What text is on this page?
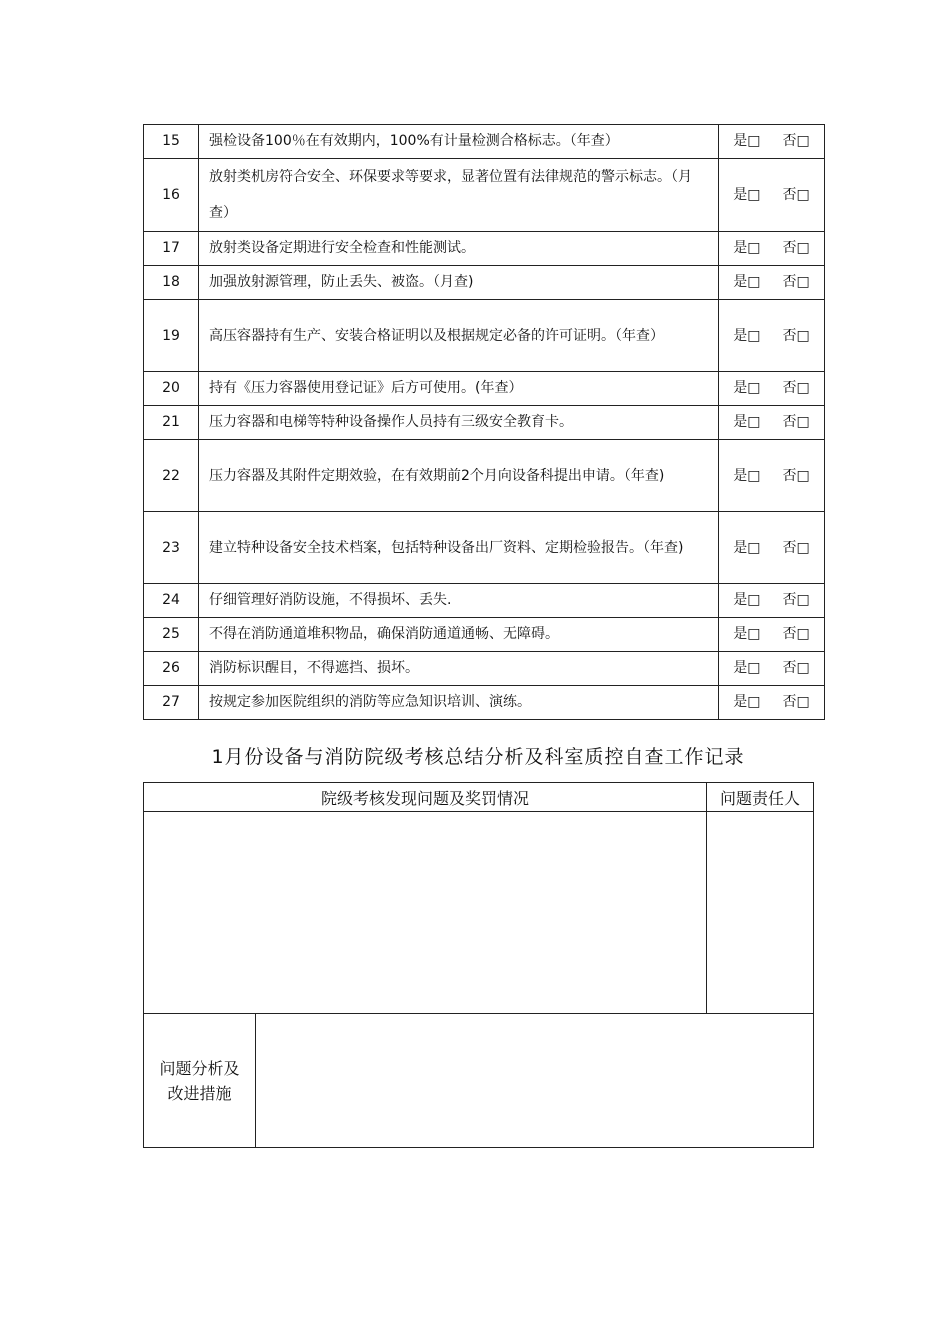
15	强检设备100％在有效期内，100%有计量检测合格标志。（年查）	是□ 否□
16	放射类机房符合安全、环保要求等要求，显著位置有法律规范的警示标志。（月查）	是□ 否□
17	放射类设备定期进行安全检查和性能测试。	是□ 否□
18	加强放射源管理，防止丢失、被盗。（月查)	是□ 否□
19	高压容器持有生产、安装合格证明以及根据规定必备的许可证明。（年查）	是□ 否□
20	持有《压力容器使用登记证》后方可使用。(年查）	是□ 否□
21	压力容器和电梯等特种设备操作人员持有三级安全教育卡。	是□ 否□
22	压力容器及其附件定期效验，在有效期前2个月向设备科提出申请。（年查)	是□ 否□
23	建立特种设备安全技术档案，包括特种设备出厂资料、定期检验报告。（年查)	是□ 否□
24	仔细管理好消防设施，不得损坏、丢失.	是□ 否□
25	不得在消防通道堆积物品，确保消防通道通畅、无障碍。	是□ 否□
26	消防标识醒目，不得遮挡、损坏。	是□ 否□
27	按规定参加医院组织的消防等应急知识培训、演练。	是□ 否□
1月份设备与消防院级考核总结分析及科室质控自查工作记录
院级考核发现问题及奖罚情况		问题责任人

问题分析及改进措施		
